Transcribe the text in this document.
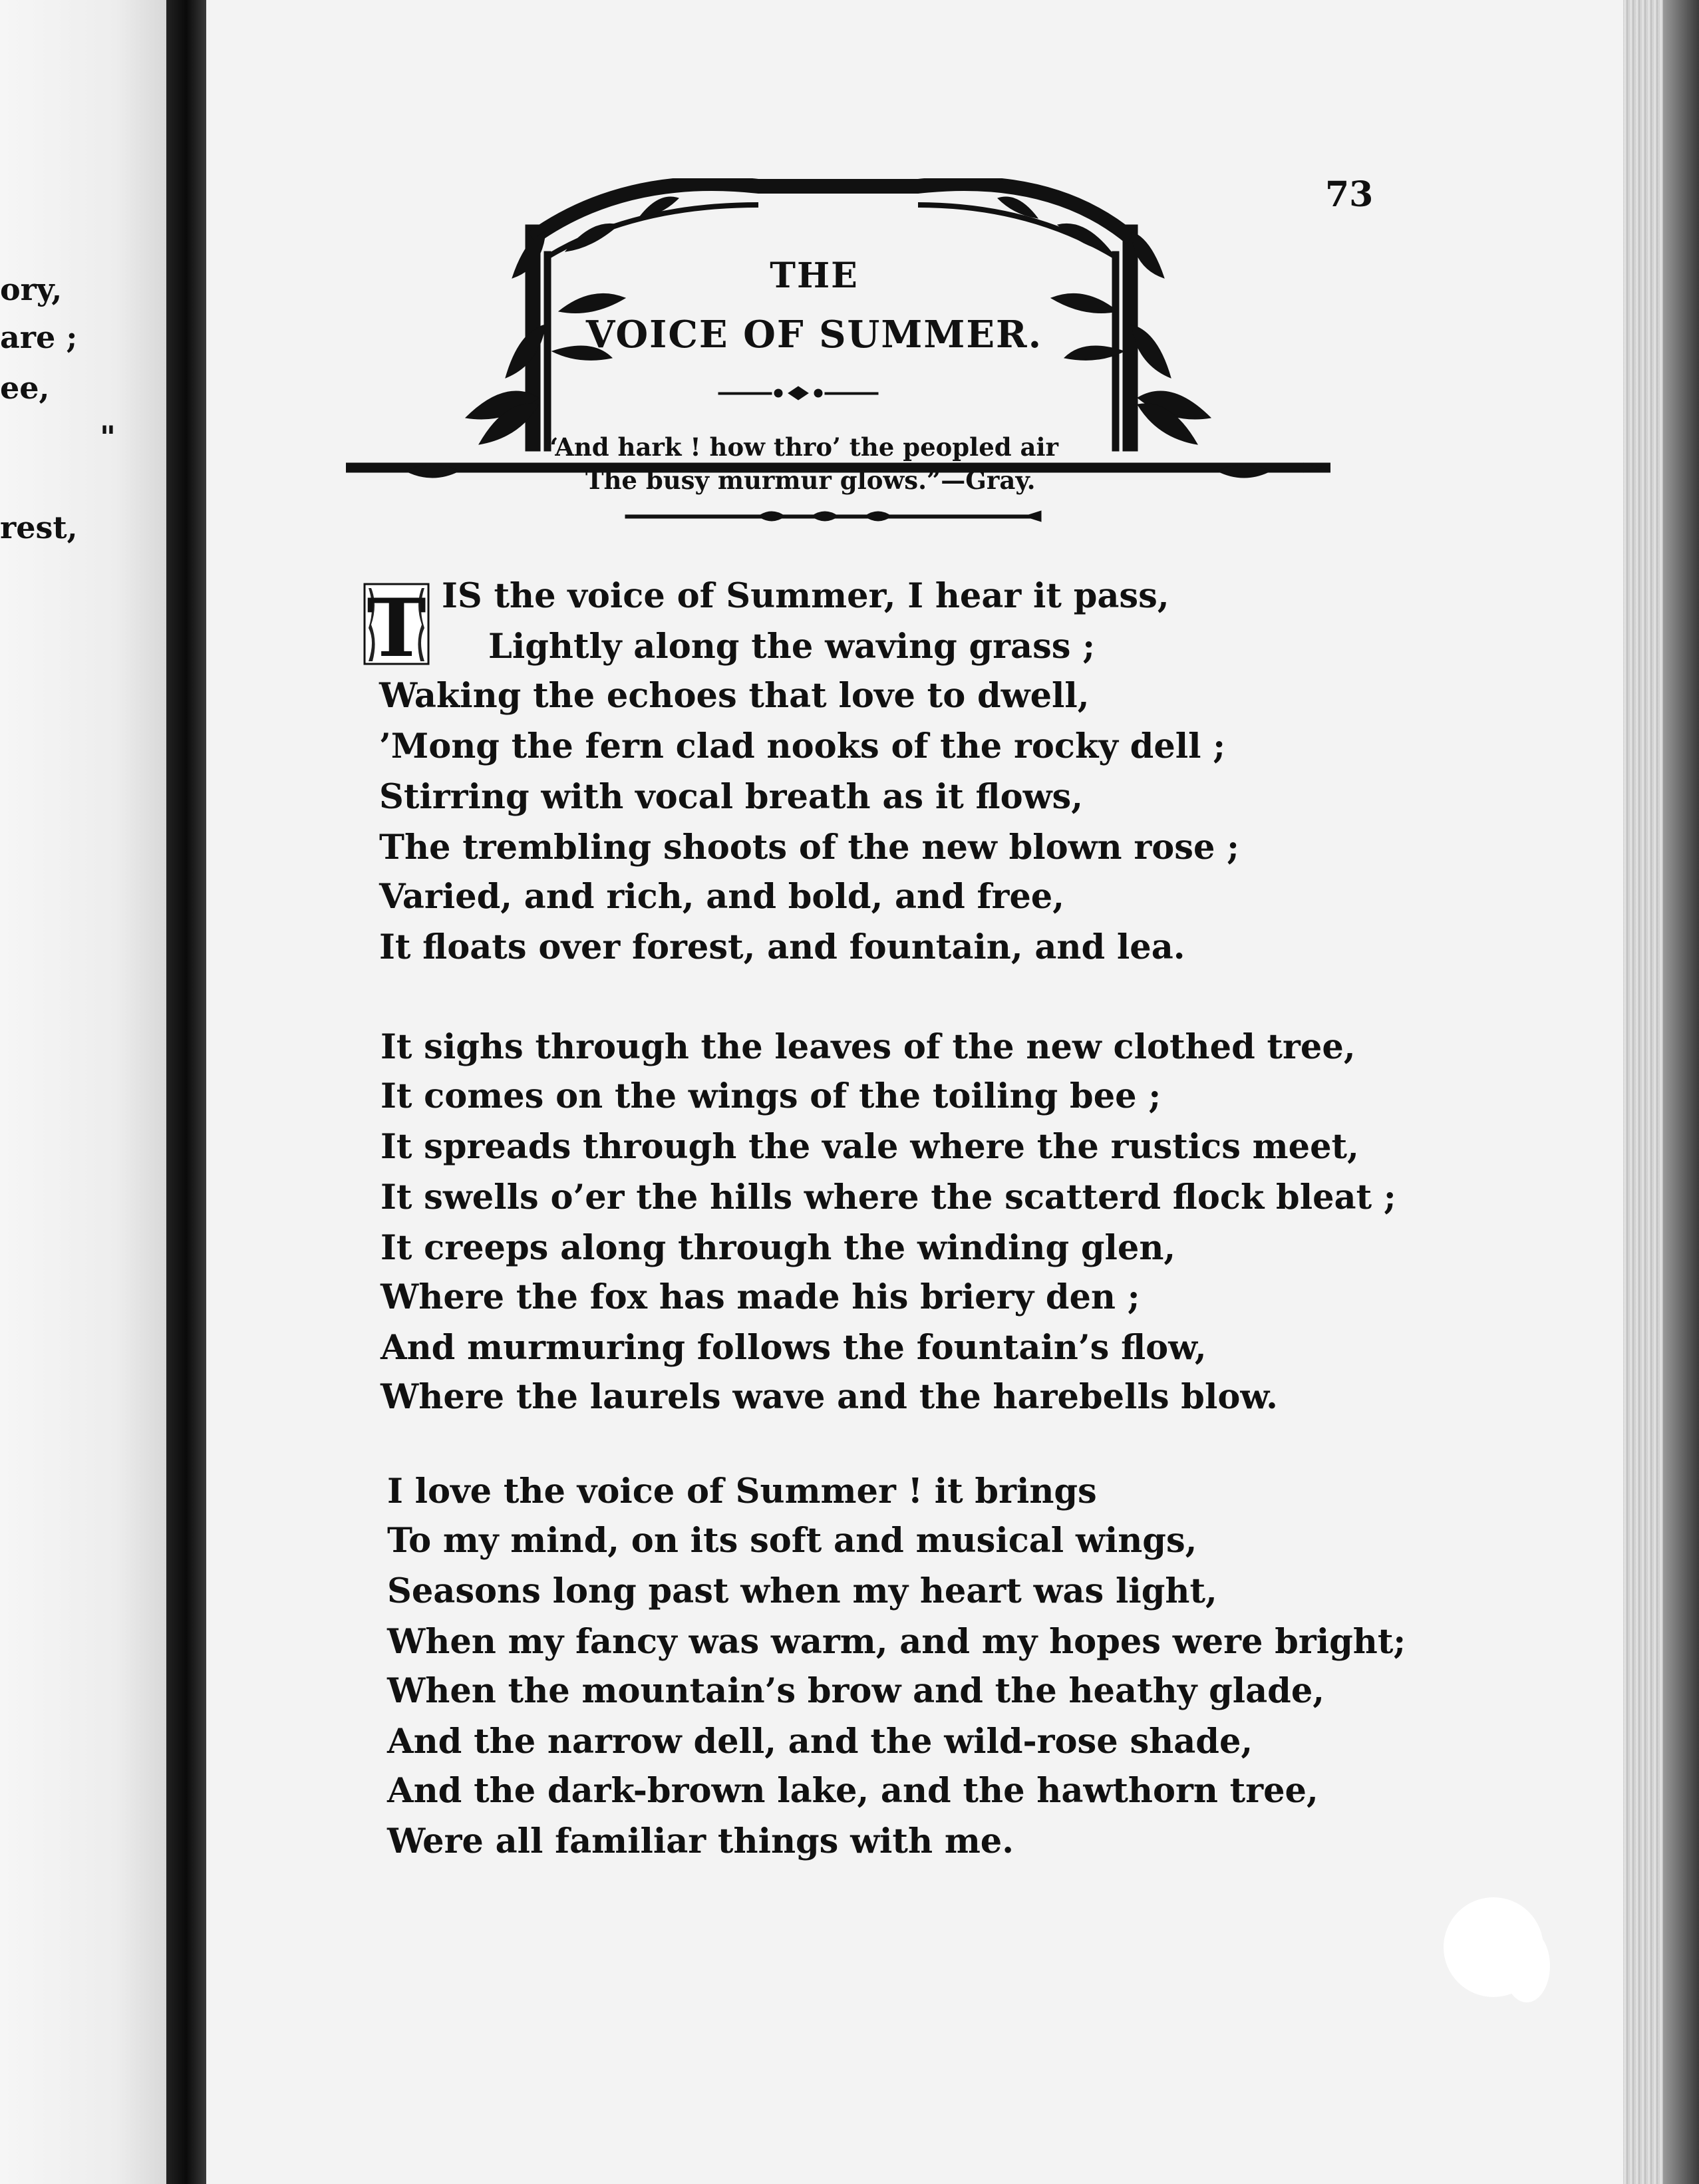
ory,
are ;
ee,
"
rest,
73
THE
VOICE OF SUMMER.
“And hark ! how thro’ the peopled air
The busy murmur glows.”—Gray.
T IS the voice of Summer, I hear it pass,
Lightly along the waving grass ;
Waking the echoes that love to dwell,
’Mong the fern clad nooks of the rocky dell ;
Stirring with vocal breath as it flows,
The trembling shoots of the new blown rose ;
Varied, and rich, and bold, and free,
It floats over forest, and fountain, and lea.
It sighs through the leaves of the new clothed tree,
It comes on the wings of the toiling bee ;
It spreads through the vale where the rustics meet,
It swells o’er the hills where the scatterd flock bleat ;
It creeps along through the winding glen,
Where the fox has made his briery den ;
And murmuring follows the fountain’s flow,
Where the laurels wave and the harebells blow.
I love the voice of Summer ! it brings
To my mind, on its soft and musical wings,
Seasons long past when my heart was light,
When my fancy was warm, and my hopes were bright;
When the mountain’s brow and the heathy glade,
And the narrow dell, and the wild-rose shade,
And the dark-brown lake, and the hawthorn tree,
Were all familiar things with me.
